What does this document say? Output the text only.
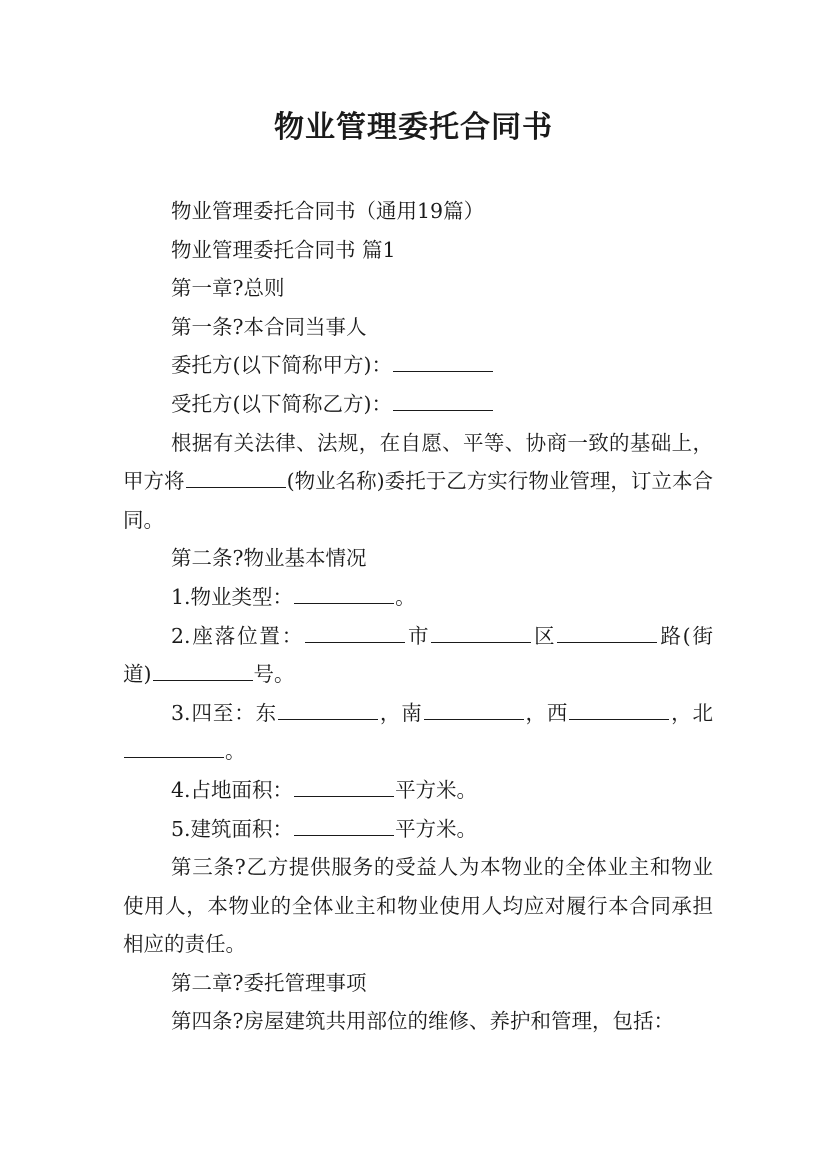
物业管理委托合同书

物业管理委托合同书（通用19篇）

物业管理委托合同书 篇1

第一章?总则

第一条?本合同当事人

委托方(以下简称甲方)：

受托方(以下简称乙方)：

根据有关法律、法规，在自愿、平等、协商一致的基础上，甲方将	(物业名称)委托于乙方实行物业管理，订立本合同。

第二条?物业基本情况

1.物业类型：	。

2.座落位置：	市	区	路(街道)	号。

3.四至：东	，南	，西	，北。

4.占地面积：	平方米。

5.建筑面积：	平方米。

第三条?乙方提供服务的受益人为本物业的全体业主和物业使用人，本物业的全体业主和物业使用人均应对履行本合同承担相应的责任。

第二章?委托管理事项

第四条?房屋建筑共用部位的维修、养护和管理，包括：
